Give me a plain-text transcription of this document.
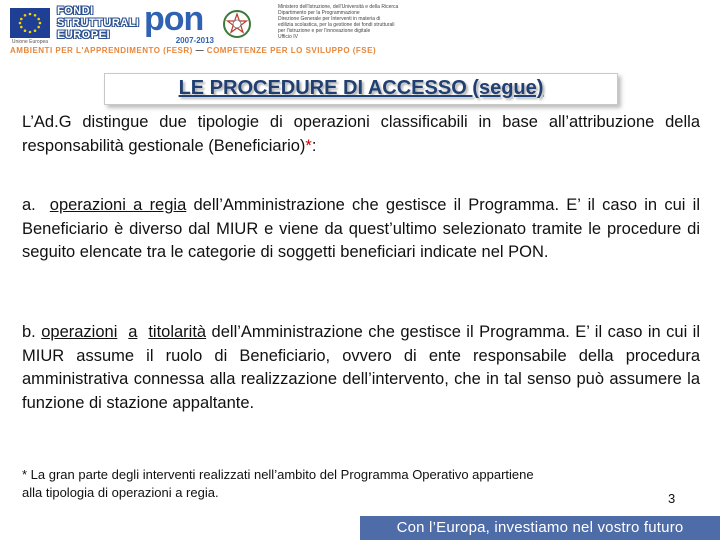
Unione Europea
FONDI
STRUTTURALI
EUROPEI pon
2007-2013
Ministero dell'Istruzione, dell'Università e della Ricerca
Dipartimento per la Programmazione
Direzione Generale per Interventi in materia di
edilizia scolastica, per la gestione dei fondi strutturali
per l'istruzione e per l'innovazione digitale
Ufficio IV
AMBIENTI PER L'APPRENDIMENTO (FESR) — COMPETENZE PER LO SVILUPPO (FSE)
LE PROCEDURE DI ACCESSO (segue)

L’Ad.G distingue due tipologie di operazioni classificabili in base all’attribuzione della responsabilità gestionale (Beneficiario)*:

a. operazioni a regia dell’Amministrazione che gestisce il Programma. E’ il caso in cui il Beneficiario è diverso dal MIUR e viene da quest’ultimo selezionato tramite le procedure di seguito elencate tra le categorie di soggetti beneficiari indicate nel PON.

b. operazioni a titolarità dell’Amministrazione che gestisce il Programma. E’ il caso in cui il MIUR assume il ruolo di Beneficiario, ovvero di ente responsabile della procedura amministrativa connessa alla realizzazione dell’intervento, che in tal senso può assumere la funzione di stazione appaltante.

* La gran parte degli interventi realizzati nell’ambito del Programma Operativo appartiene
alla tipologia di operazioni a regia.	3
Con l’Europa, investiamo nel vostro futuro
